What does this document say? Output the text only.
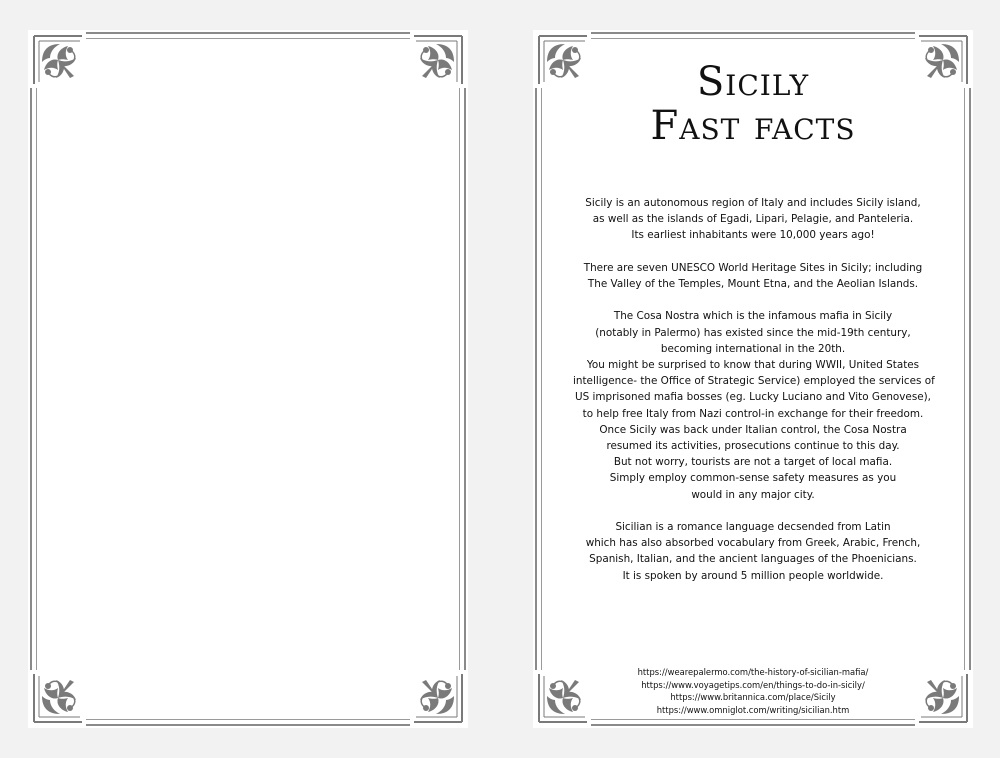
Sicily
Fast facts
Sicily is an autonomous region of Italy and includes Sicily island,
as well as the islands of Egadi, Lipari, Pelagie, and Panteleria.
Its earliest inhabitants were 10,000 years ago!
There are seven UNESCO World Heritage Sites in Sicily; including
The Valley of the Temples, Mount Etna, and the Aeolian Islands.
The Cosa Nostra which is the infamous mafia in Sicily
(notably in Palermo) has existed since the mid-19th century,
becoming international in the 20th.
You might be surprised to know that during WWII, United States
intelligence- the Office of Strategic Service) employed the services of
US imprisoned mafia bosses (eg. Lucky Luciano and Vito Genovese),
to help free Italy from Nazi control-in exchange for their freedom.
Once Sicily was back under Italian control, the Cosa Nostra
resumed its activities, prosecutions continue to this day.
But not worry, tourists are not a target of local mafia.
Simply employ common-sense safety measures as you
would in any major city.
Sicilian is a romance language decsended from Latin
which has also absorbed vocabulary from Greek, Arabic, French,
Spanish, Italian, and the ancient languages of the Phoenicians.
It is spoken by around 5 million people worldwide.
https://wearepalermo.com/the-history-of-sicilian-mafia/
https://www.voyagetips.com/en/things-to-do-in-sicily/
https://www.britannica.com/place/Sicily
https://www.omniglot.com/writing/sicilian.htm
